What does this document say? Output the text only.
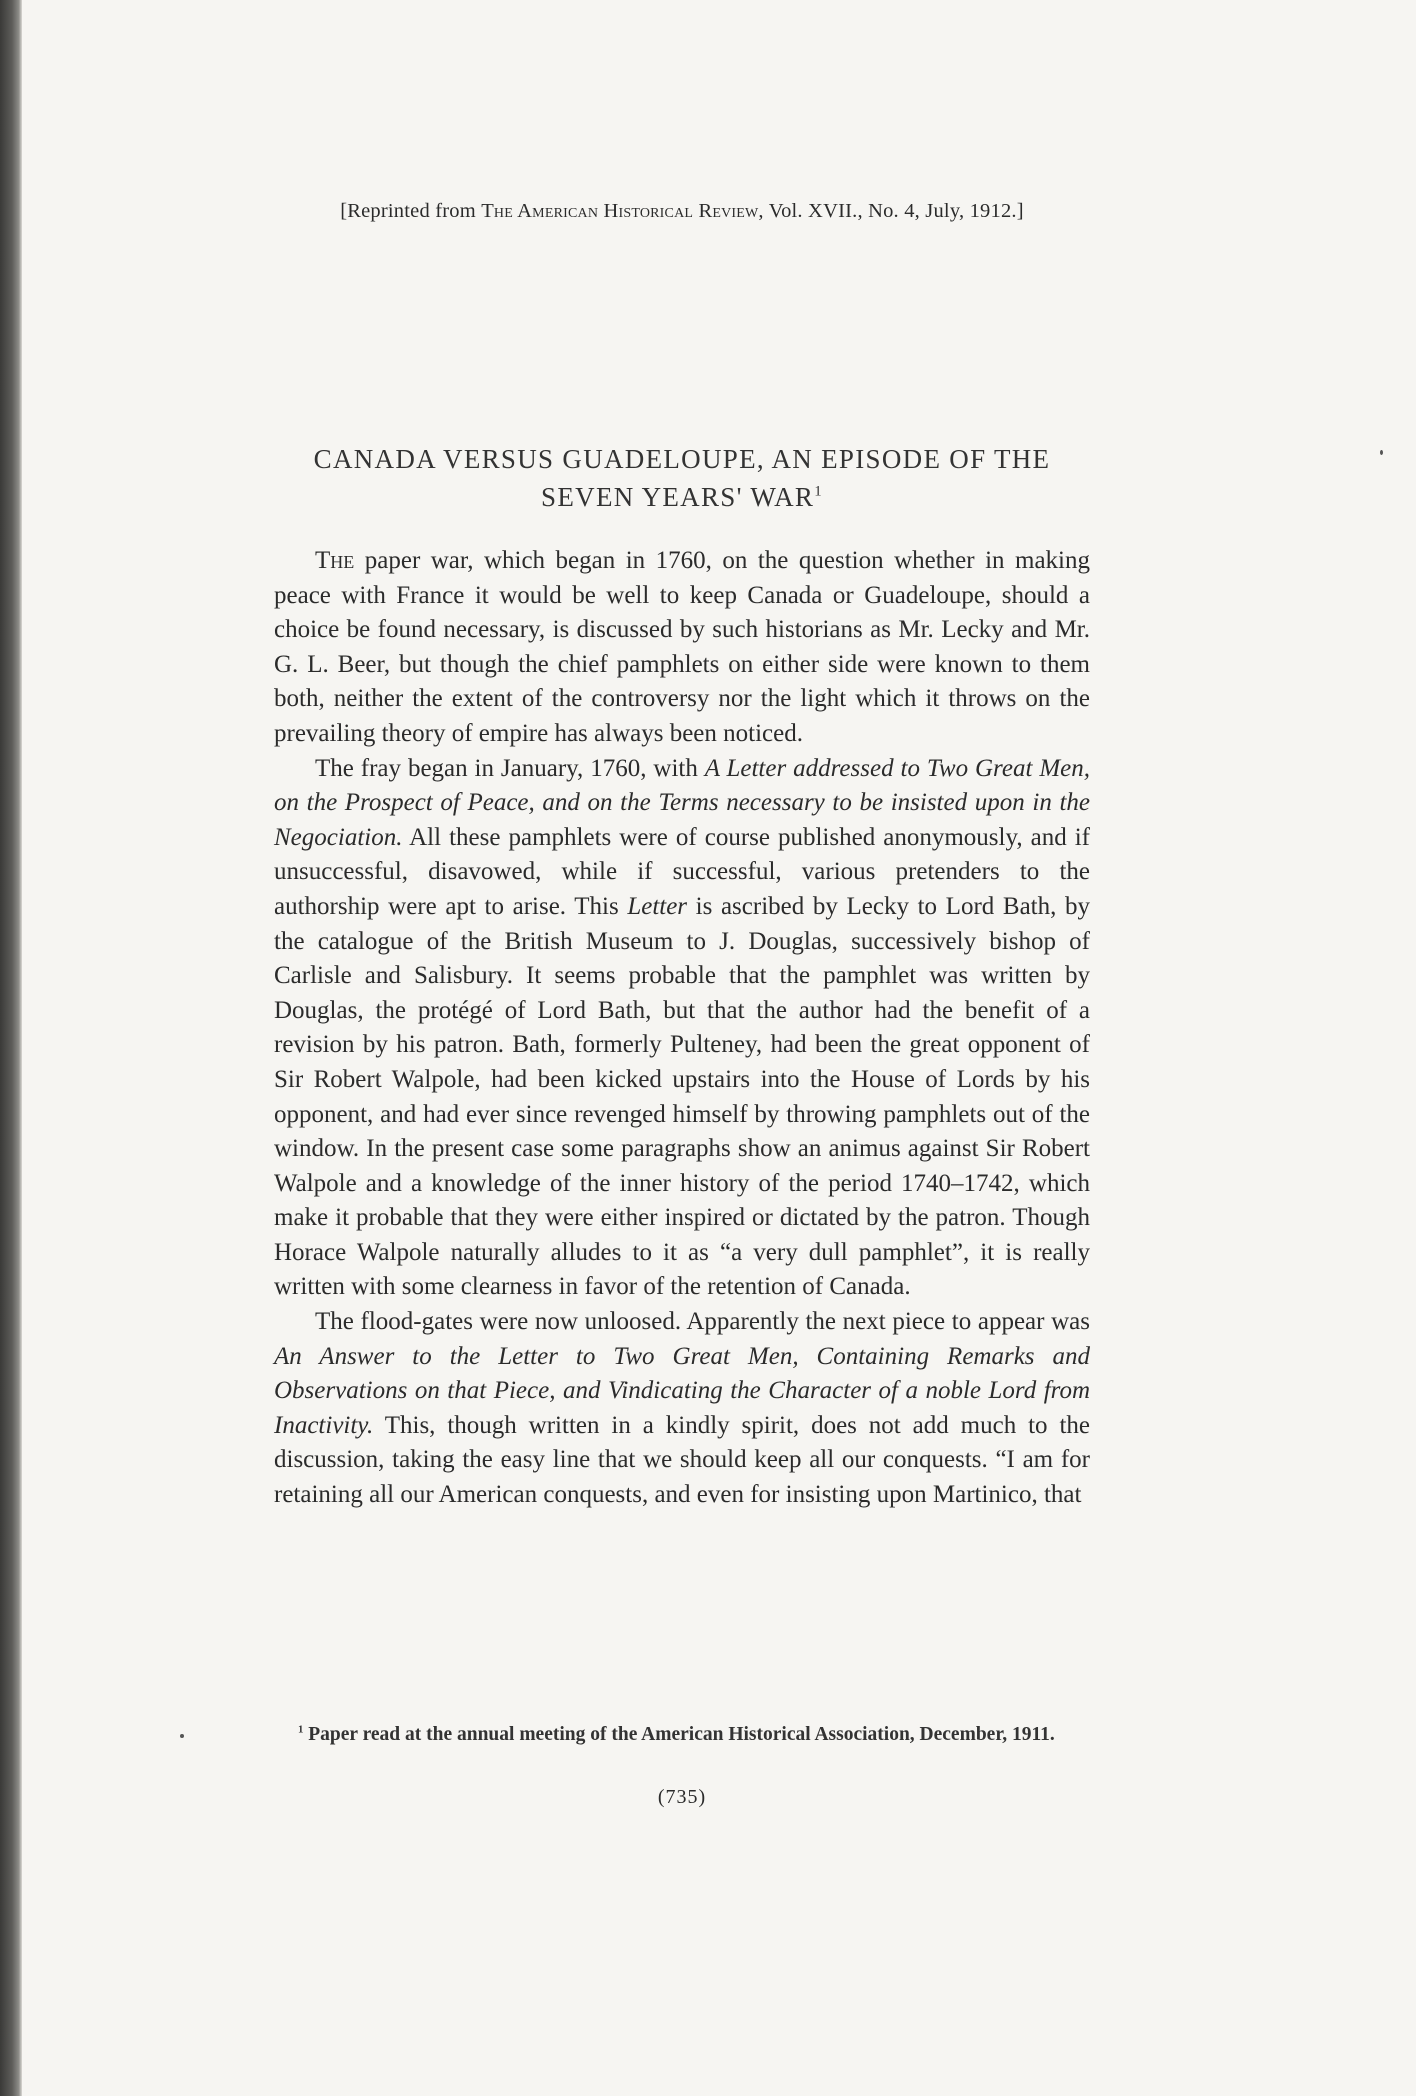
[Reprinted from The American Historical Review, Vol. XVII., No. 4, July, 1912.]
CANADA VERSUS GUADELOUPE, AN EPISODE OF THE SEVEN YEARS' WAR$^1$

The paper war, which began in 1760, on the question whether in making peace with France it would be well to keep Canada or Guadeloupe, should a choice be found necessary, is discussed by such historians as Mr. Lecky and Mr. G. L. Beer, but though the chief pamphlets on either side were known to them both, neither the extent of the controversy nor the light which it throws on the prevailing theory of empire has always been noticed.

The fray began in January, 1760, with A Letter addressed to Two Great Men, on the Prospect of Peace, and on the Terms necessary to be insisted upon in the Negociation. All these pamphlets were of course published anonymously, and if unsuccessful, disavowed, while if successful, various pretenders to the authorship were apt to arise. This Letter is ascribed by Lecky to Lord Bath, by the catalogue of the British Museum to J. Douglas, successively bishop of Carlisle and Salisbury. It seems probable that the pamphlet was written by Douglas, the protégé of Lord Bath, but that the author had the benefit of a revision by his patron. Bath, formerly Pulteney, had been the great opponent of Sir Robert Walpole, had been kicked upstairs into the House of Lords by his opponent, and had ever since revenged himself by throwing pamphlets out of the window. In the present case some paragraphs show an animus against Sir Robert Walpole and a knowledge of the inner history of the period 1740–1742, which make it probable that they were either inspired or dictated by the patron. Though Horace Walpole naturally alludes to it as “a very dull pamphlet”, it is really written with some clearness in favor of the retention of Canada.

The flood-gates were now unloosed. Apparently the next piece to appear was An Answer to the Letter to Two Great Men, Containing Remarks and Observations on that Piece, and Vindicating the Character of a noble Lord from Inactivity. This, though written in a kindly spirit, does not add much to the discussion, taking the easy line that we should keep all our conquests. “I am for retaining all our American conquests, and even for insisting upon Martinico, that

$^1$ Paper read at the annual meeting of the American Historical Association, December, 1911.

(735)
